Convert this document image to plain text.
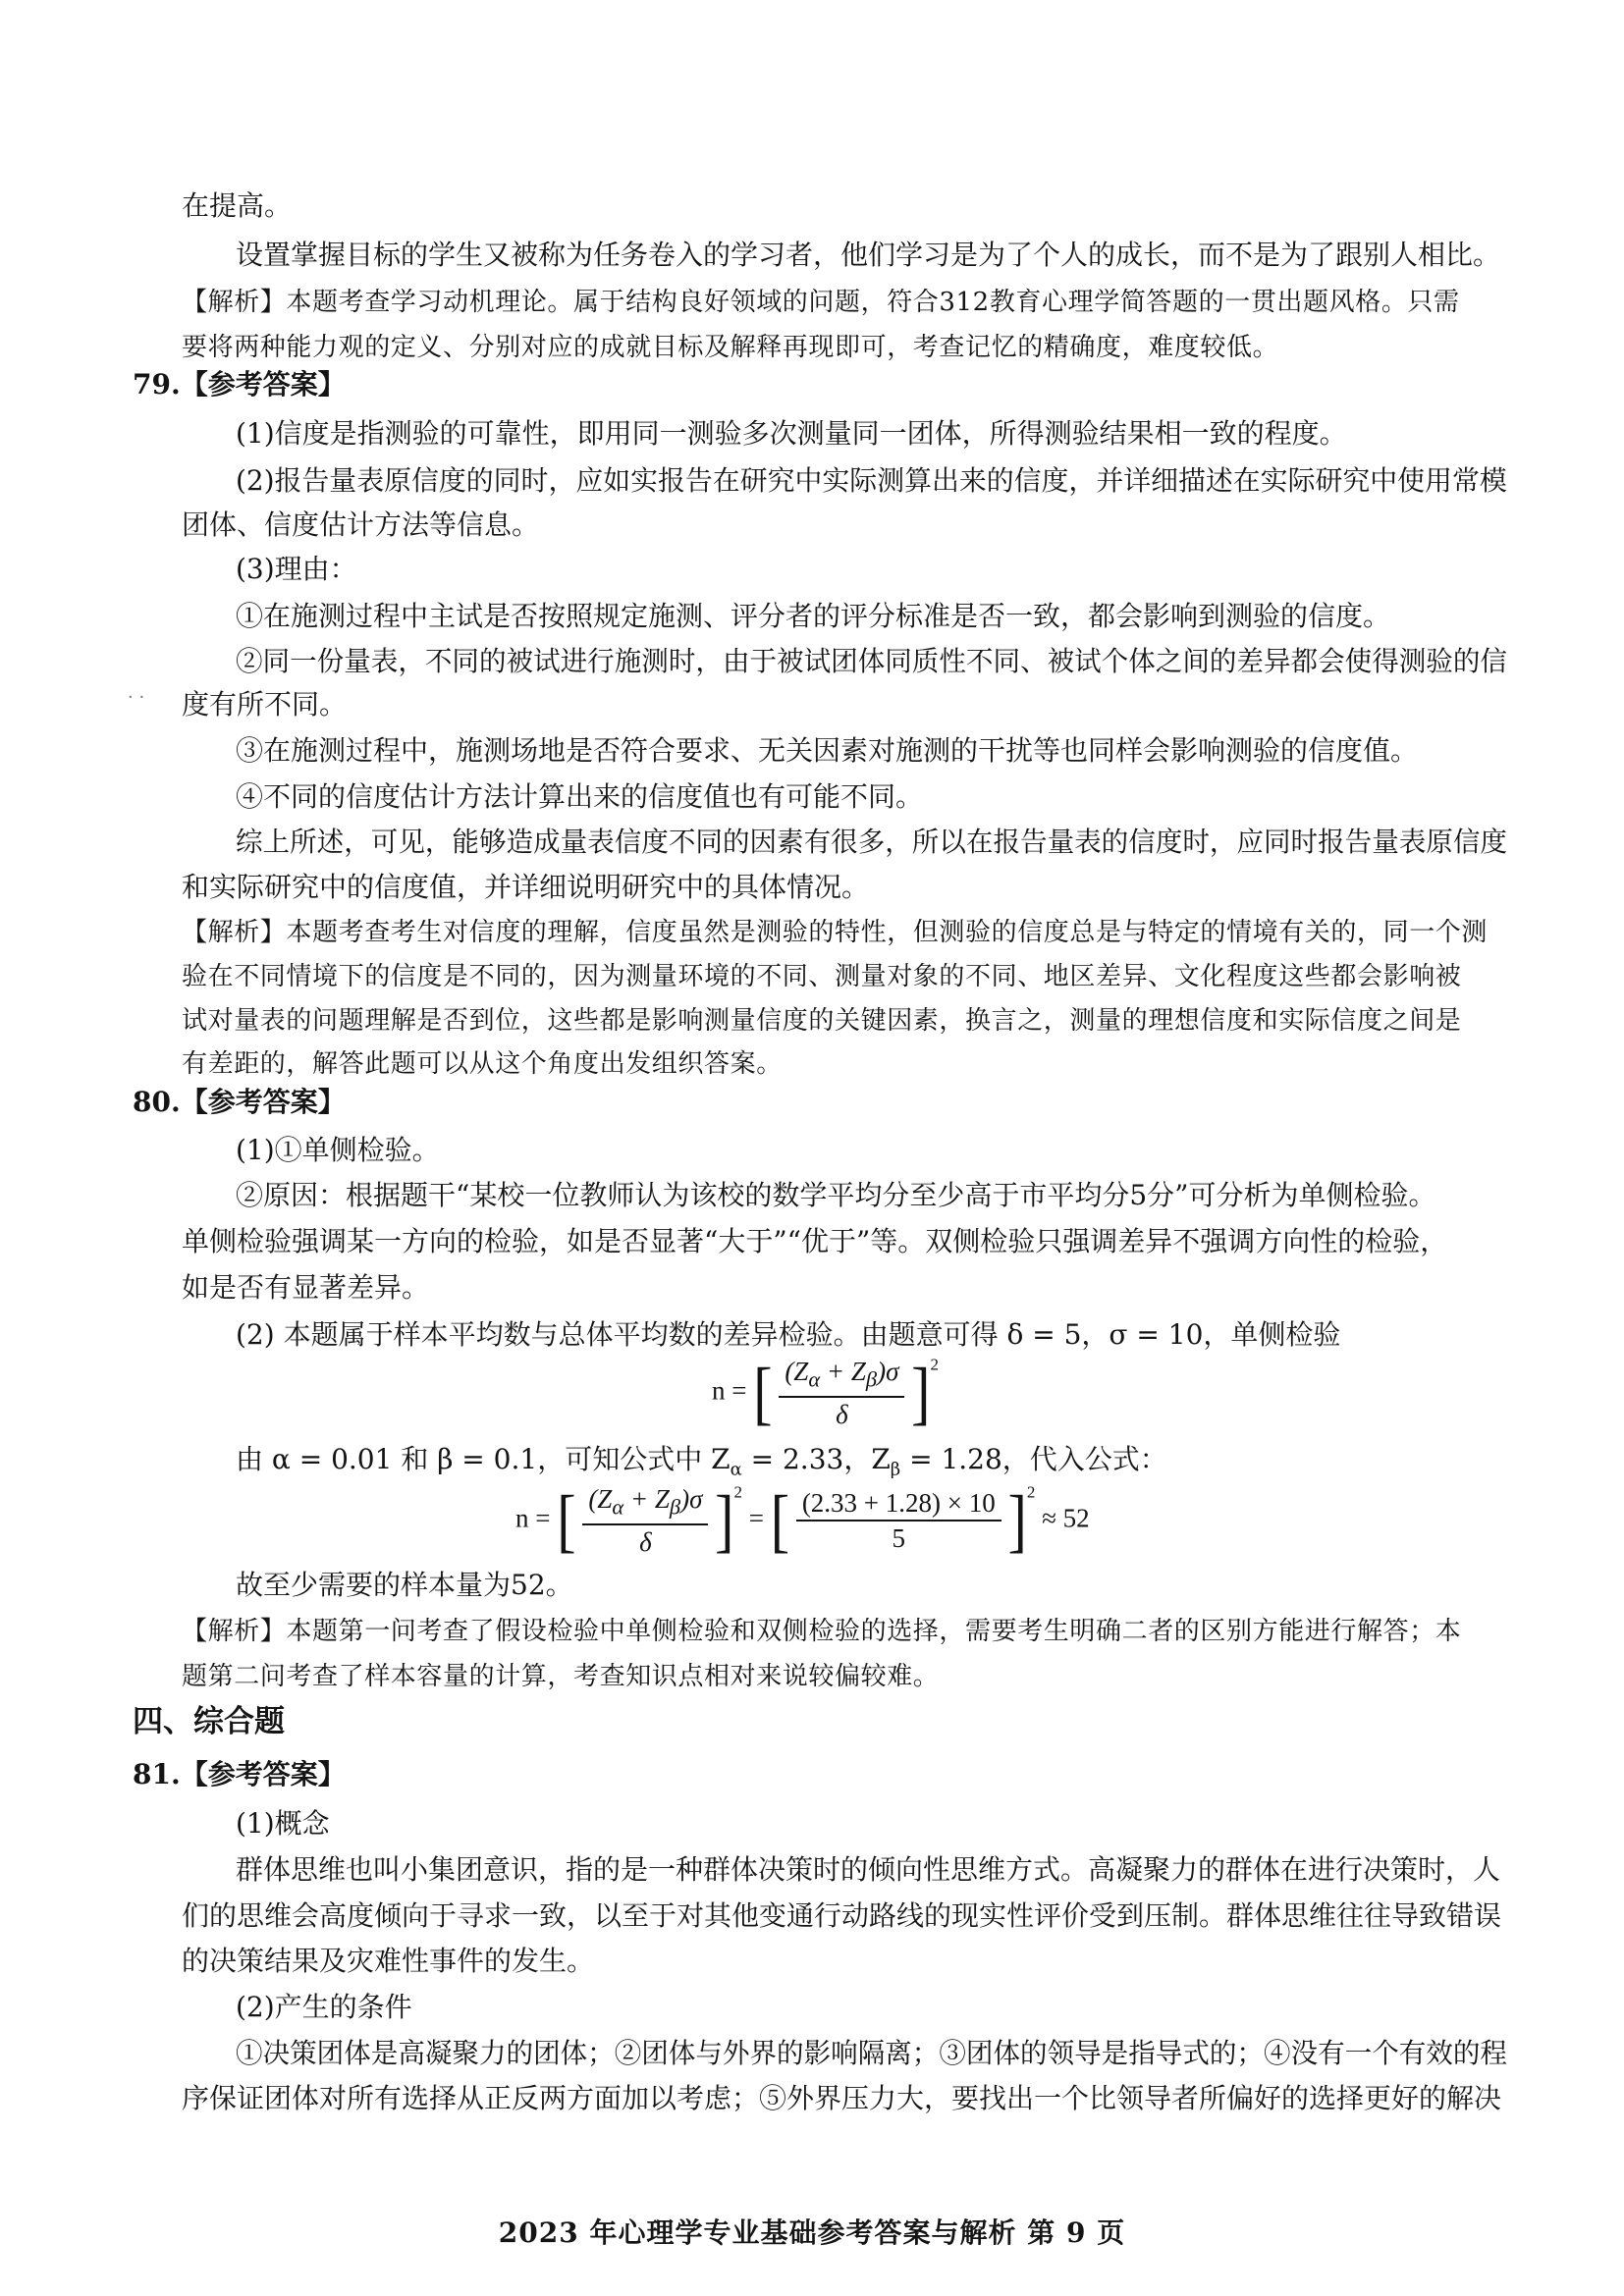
在提高。
设置掌握目标的学生又被称为任务卷入的学习者，他们学习是为了个人的成长，而不是为了跟别人相比。
【解析】本题考查学习动机理论。属于结构良好领域的问题，符合312教育心理学简答题的一贯出题风格。只需
要将两种能力观的定义、分别对应的成就目标及解释再现即可，考查记忆的精确度，难度较低。
79.【参考答案】
(1)信度是指测验的可靠性，即用同一测验多次测量同一团体，所得测验结果相一致的程度。
(2)报告量表原信度的同时，应如实报告在研究中实际测算出来的信度，并详细描述在实际研究中使用常模
团体、信度估计方法等信息。
(3)理由：
①在施测过程中主试是否按照规定施测、评分者的评分标准是否一致，都会影响到测验的信度。
②同一份量表，不同的被试进行施测时，由于被试团体同质性不同、被试个体之间的差异都会使得测验的信
· · 度有所不同。
③在施测过程中，施测场地是否符合要求、无关因素对施测的干扰等也同样会影响测验的信度值。
④不同的信度估计方法计算出来的信度值也有可能不同。
综上所述，可见，能够造成量表信度不同的因素有很多，所以在报告量表的信度时，应同时报告量表原信度
和实际研究中的信度值，并详细说明研究中的具体情况。
【解析】本题考查考生对信度的理解，信度虽然是测验的特性，但测验的信度总是与特定的情境有关的，同一个测
验在不同情境下的信度是不同的，因为测量环境的不同、测量对象的不同、地区差异、文化程度这些都会影响被
试对量表的问题理解是否到位，这些都是影响测量信度的关键因素，换言之，测量的理想信度和实际信度之间是
有差距的，解答此题可以从这个角度出发组织答案。
80.【参考答案】
(1)①单侧检验。
②原因：根据题干“某校一位教师认为该校的数学平均分至少高于市平均分5分”可分析为单侧检验。
单侧检验强调某一方向的检验，如是否显著“大于”“优于”等。双侧检验只强调差异不强调方向性的检验，
如是否有显著差异。
(2) 本题属于样本平均数与总体平均数的差异检验。由题意可得 δ = 5，σ = 10，单侧检验
n = [ $\frac{(Z_\alpha + Z_\beta)\sigma}{\delta} ]^2$
由 α = 0.01 和 β = 0.1，可知公式中 $Z_\alpha = 2.33$，$Z_\beta = 1.28$，代入公式：
n = [ $\frac{(Z_\alpha + Z_\beta)\sigma}{\delta} ]^2$ = [ $\frac{(2.33 + 1.28) \times 10}{5} ]^2 \approx 52$
故至少需要的样本量为52。
【解析】本题第一问考查了假设检验中单侧检验和双侧检验的选择，需要考生明确二者的区别方能进行解答；本
题第二问考查了样本容量的计算，考查知识点相对来说较偏较难。
四、综合题
81.【参考答案】
(1)概念
群体思维也叫小集团意识，指的是一种群体决策时的倾向性思维方式。高凝聚力的群体在进行决策时，人
们的思维会高度倾向于寻求一致，以至于对其他变通行动路线的现实性评价受到压制。群体思维往往导致错误
的决策结果及灾难性事件的发生。
(2)产生的条件
①决策团体是高凝聚力的团体；②团体与外界的影响隔离；③团体的领导是指导式的；④没有一个有效的程
序保证团体对所有选择从正反两方面加以考虑；⑤外界压力大，要找出一个比领导者所偏好的选择更好的解决
2023 年心理学专业基础参考答案与解析 第 9 页
